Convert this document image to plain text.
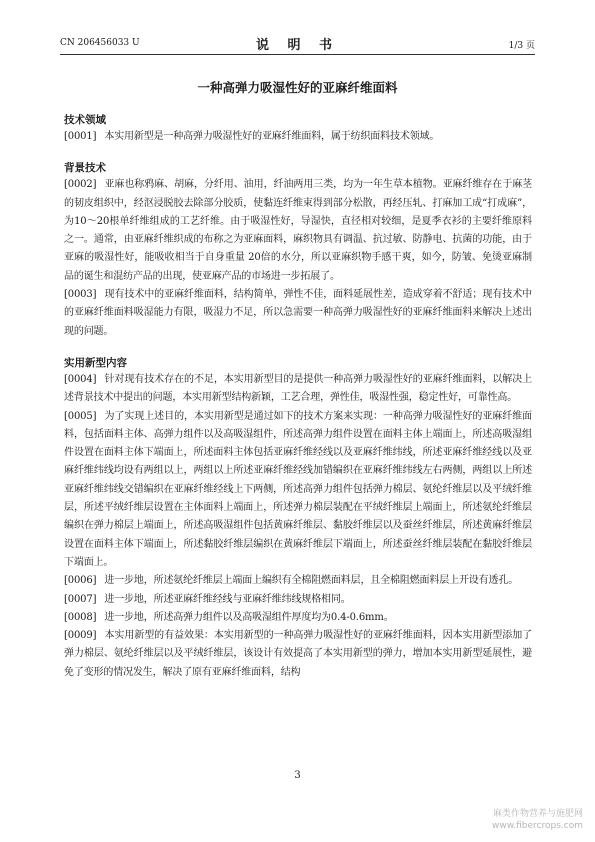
CN 206456033 U	说 明 书	1/3 页
一种高弹力吸湿性好的亚麻纤维面料
技术领域

[0001] 本实用新型是一种高弹力吸湿性好的亚麻纤维面料，属于纺织面料技术领域。

背景技术

[0002] 亚麻也称鸦麻、胡麻，分纤用、油用，纤油两用三类，均为一年生草本植物。亚麻纤维存在于麻茎的韧皮组织中，经沤浸脱胶去除部分胶质，使黏连纤维束得到部分松散，再经压轧、打麻加工成“打成麻”，为10～20根单纤维组成的工艺纤维。由于吸湿性好，导湿快，直径相对较细，是夏季衣衫的主要纤维原料之一。通常，由亚麻纤维织成的布称之为亚麻面料，麻织物具有调温、抗过敏、防静电、抗菌的功能，由于亚麻的吸湿性好，能吸收相当于自身重量 20倍的水分，所以亚麻织物手感干爽，如今，防皱、免烫亚麻制品的诞生和混纺产品的出现，使亚麻产品的市场进一步拓展了。

[0003] 现有技术中的亚麻纤维面料，结构简单，弹性不佳，面料延展性差，造成穿着不舒适；现有技术中的亚麻纤维面料吸湿能力有限，吸湿力不足，所以急需要一种高弹力吸湿性好的亚麻纤维面料来解决上述出现的问题。

实用新型内容

[0004] 针对现有技术存在的不足，本实用新型目的是提供一种高弹力吸湿性好的亚麻纤维面料，以解决上述背景技术中提出的问题，本实用新型结构新颖，工艺合理，弹性佳，吸湿性强，稳定性好，可靠性高。

[0005] 为了实现上述目的，本实用新型是通过如下的技术方案来实现：一种高弹力吸湿性好的亚麻纤维面料，包括面料主体、高弹力组件以及高吸湿组件，所述高弹力组件设置在面料主体上端面上，所述高吸湿组件设置在面料主体下端面上，所述面料主体包括亚麻纤维经线以及亚麻纤维纬线，所述亚麻纤维经线以及亚麻纤维纬线均设有两组以上，两组以上所述亚麻纤维经线加错编织在亚麻纤维纬线左右两侧，两组以上所述亚麻纤维纬线交错编织在亚麻纤维经线上下两侧，所述高弹力组件包括弹力棉层、氨纶纤维层以及平绒纤维层，所述平绒纤维层设置在主体面料上端面上，所述弹力棉层装配在平绒纤维层上端面上，所述氨纶纤维层编织在弹力棉层上端面上，所述高吸湿组件包括黄麻纤维层、黏胶纤维层以及蚕丝纤维层，所述黄麻纤维层设置在面料主体下端面上，所述黏胶纤维层编织在黄麻纤维层下端面上，所述蚕丝纤维层装配在黏胶纤维层下端面上。

[0006] 进一步地，所述氨纶纤维层上端面上编织有全棉阻燃面料层，且全棉阻燃面料层上开设有透孔。

[0007] 进一步地，所述亚麻纤维经线与亚麻纤维纬线规格相同。

[0008] 进一步地，所述高弹力组件以及高吸湿组件厚度均为0.4-0.6mm。

[0009] 本实用新型的有益效果：本实用新型的一种高弹力吸湿性好的亚麻纤维面料，因本实用新型添加了弹力棉层、氨纶纤维层以及平绒纤维层，该设计有效提高了本实用新型的弹力，增加本实用新型延展性，避免了变形的情况发生，解决了原有亚麻纤维面料，结构

3
麻类作物营养与施肥网
www.fibercrops.com
